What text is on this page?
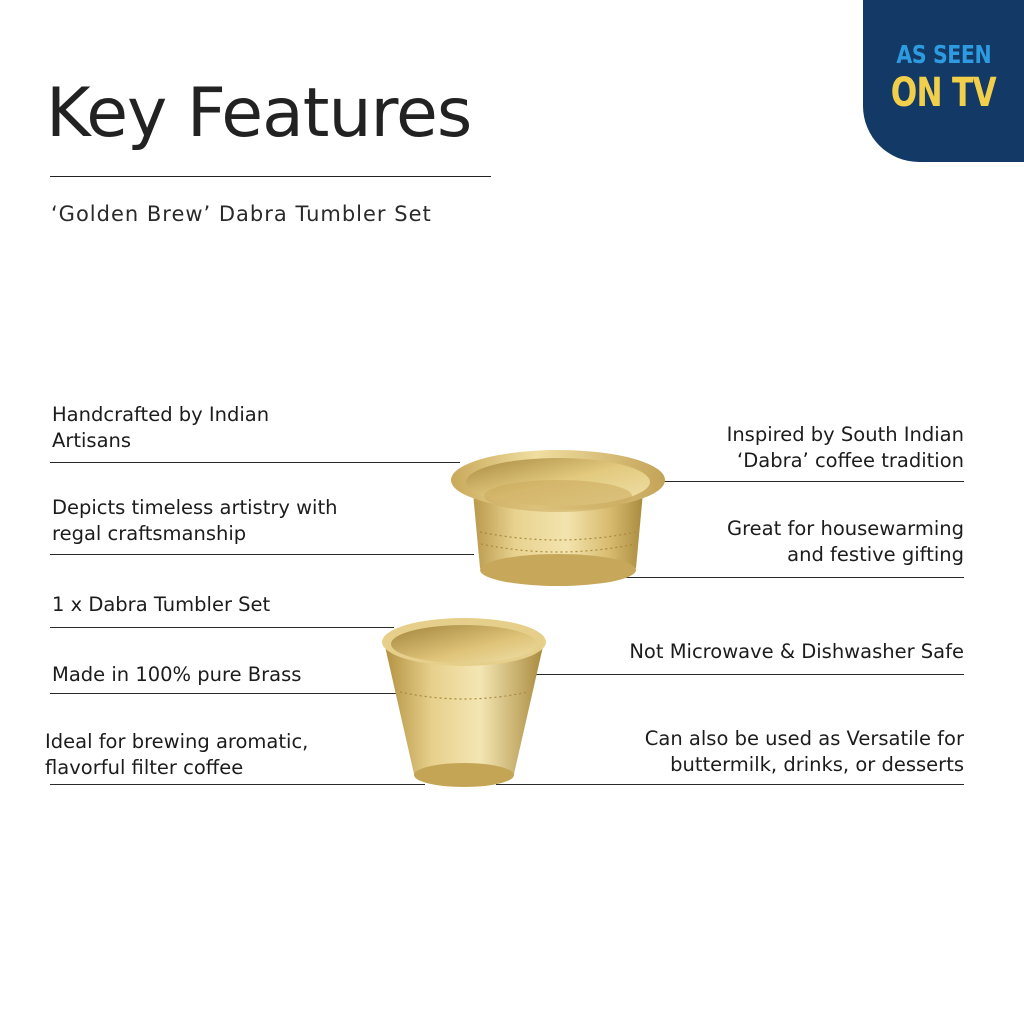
Key Features
‘Golden Brew’ Dabra Tumbler Set
AS SEEN
ON TV
Handcrafted by Indian
Artisans
Depicts timeless artistry with
regal craftsmanship
1 x Dabra Tumbler Set
Made in 100% pure Brass
Ideal for brewing aromatic,
flavorful filter coffee
Inspired by South Indian
‘Dabra’ coffee tradition
Great for housewarming
and festive gifting
Not Microwave & Dishwasher Safe
Can also be used as Versatile for
buttermilk, drinks, or desserts
